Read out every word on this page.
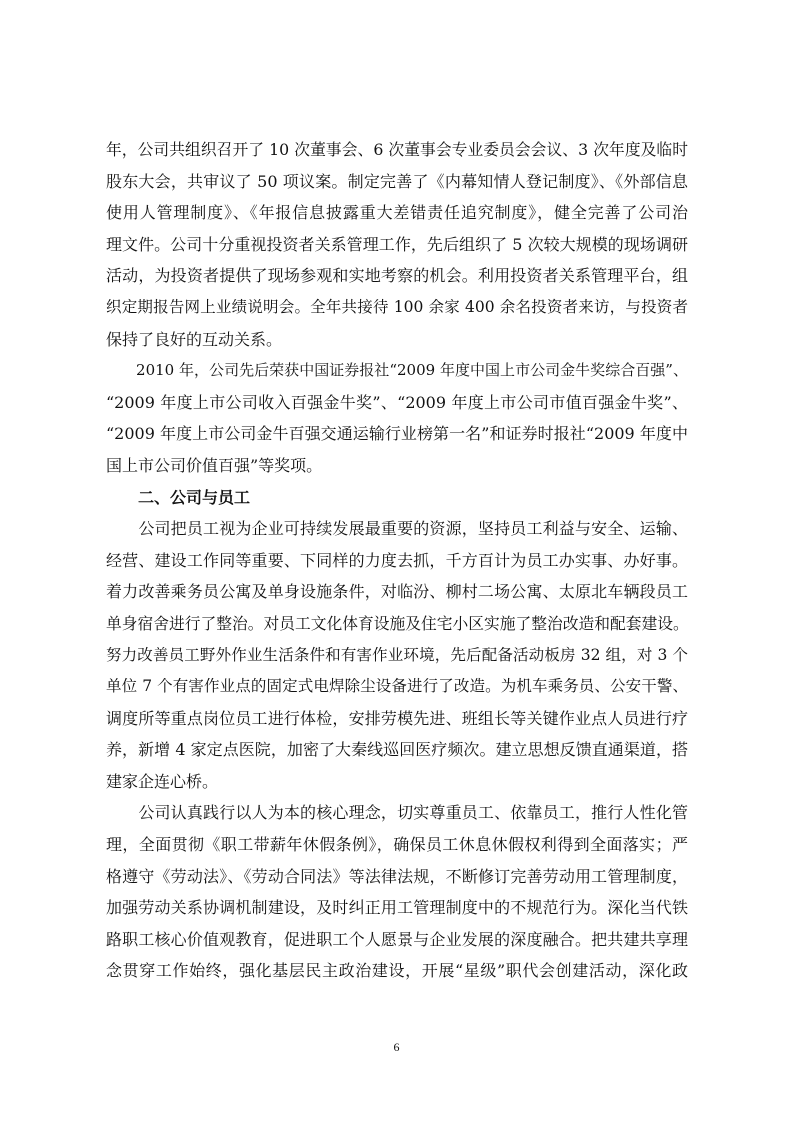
年，公司共组织召开了 10 次董事会、6 次董事会专业委员会会议、3 次年度及临时
股东大会，共审议了 50 项议案。制定完善了《内幕知情人登记制度》、《外部信息
使用人管理制度》、《年报信息披露重大差错责任追究制度》，健全完善了公司治
理文件。公司十分重视投资者关系管理工作，先后组织了 5 次较大规模的现场调研
活动，为投资者提供了现场参观和实地考察的机会。利用投资者关系管理平台，组
织定期报告网上业绩说明会。全年共接待 100 余家 400 余名投资者来访，与投资者
保持了良好的互动关系。
　　2010 年，公司先后荣获中国证券报社“2009 年度中国上市公司金牛奖综合百强”、
“2009 年度上市公司收入百强金牛奖”、“2009 年度上市公司市值百强金牛奖”、
“2009 年度上市公司金牛百强交通运输行业榜第一名”和证券时报社“2009 年度中
国上市公司价值百强”等奖项。
　　二、公司与员工
　　公司把员工视为企业可持续发展最重要的资源，坚持员工利益与安全、运输、
经营、建设工作同等重要、下同样的力度去抓，千方百计为员工办实事、办好事。
着力改善乘务员公寓及单身设施条件，对临汾、柳村二场公寓、太原北车辆段员工
单身宿舍进行了整治。对员工文化体育设施及住宅小区实施了整治改造和配套建设。
努力改善员工野外作业生活条件和有害作业环境，先后配备活动板房 32 组，对 3 个
单位 7 个有害作业点的固定式电焊除尘设备进行了改造。为机车乘务员、公安干警、
调度所等重点岗位员工进行体检，安排劳模先进、班组长等关键作业点人员进行疗
养，新增 4 家定点医院，加密了大秦线巡回医疗频次。建立思想反馈直通渠道，搭
建家企连心桥。
　　公司认真践行以人为本的核心理念，切实尊重员工、依靠员工，推行人性化管
理，全面贯彻《职工带薪年休假条例》，确保员工休息休假权利得到全面落实；严
格遵守《劳动法》、《劳动合同法》等法律法规，不断修订完善劳动用工管理制度，
加强劳动关系协调机制建设，及时纠正用工管理制度中的不规范行为。深化当代铁
路职工核心价值观教育，促进职工个人愿景与企业发展的深度融合。把共建共享理
念贯穿工作始终，强化基层民主政治建设，开展“星级”职代会创建活动，深化政
6
